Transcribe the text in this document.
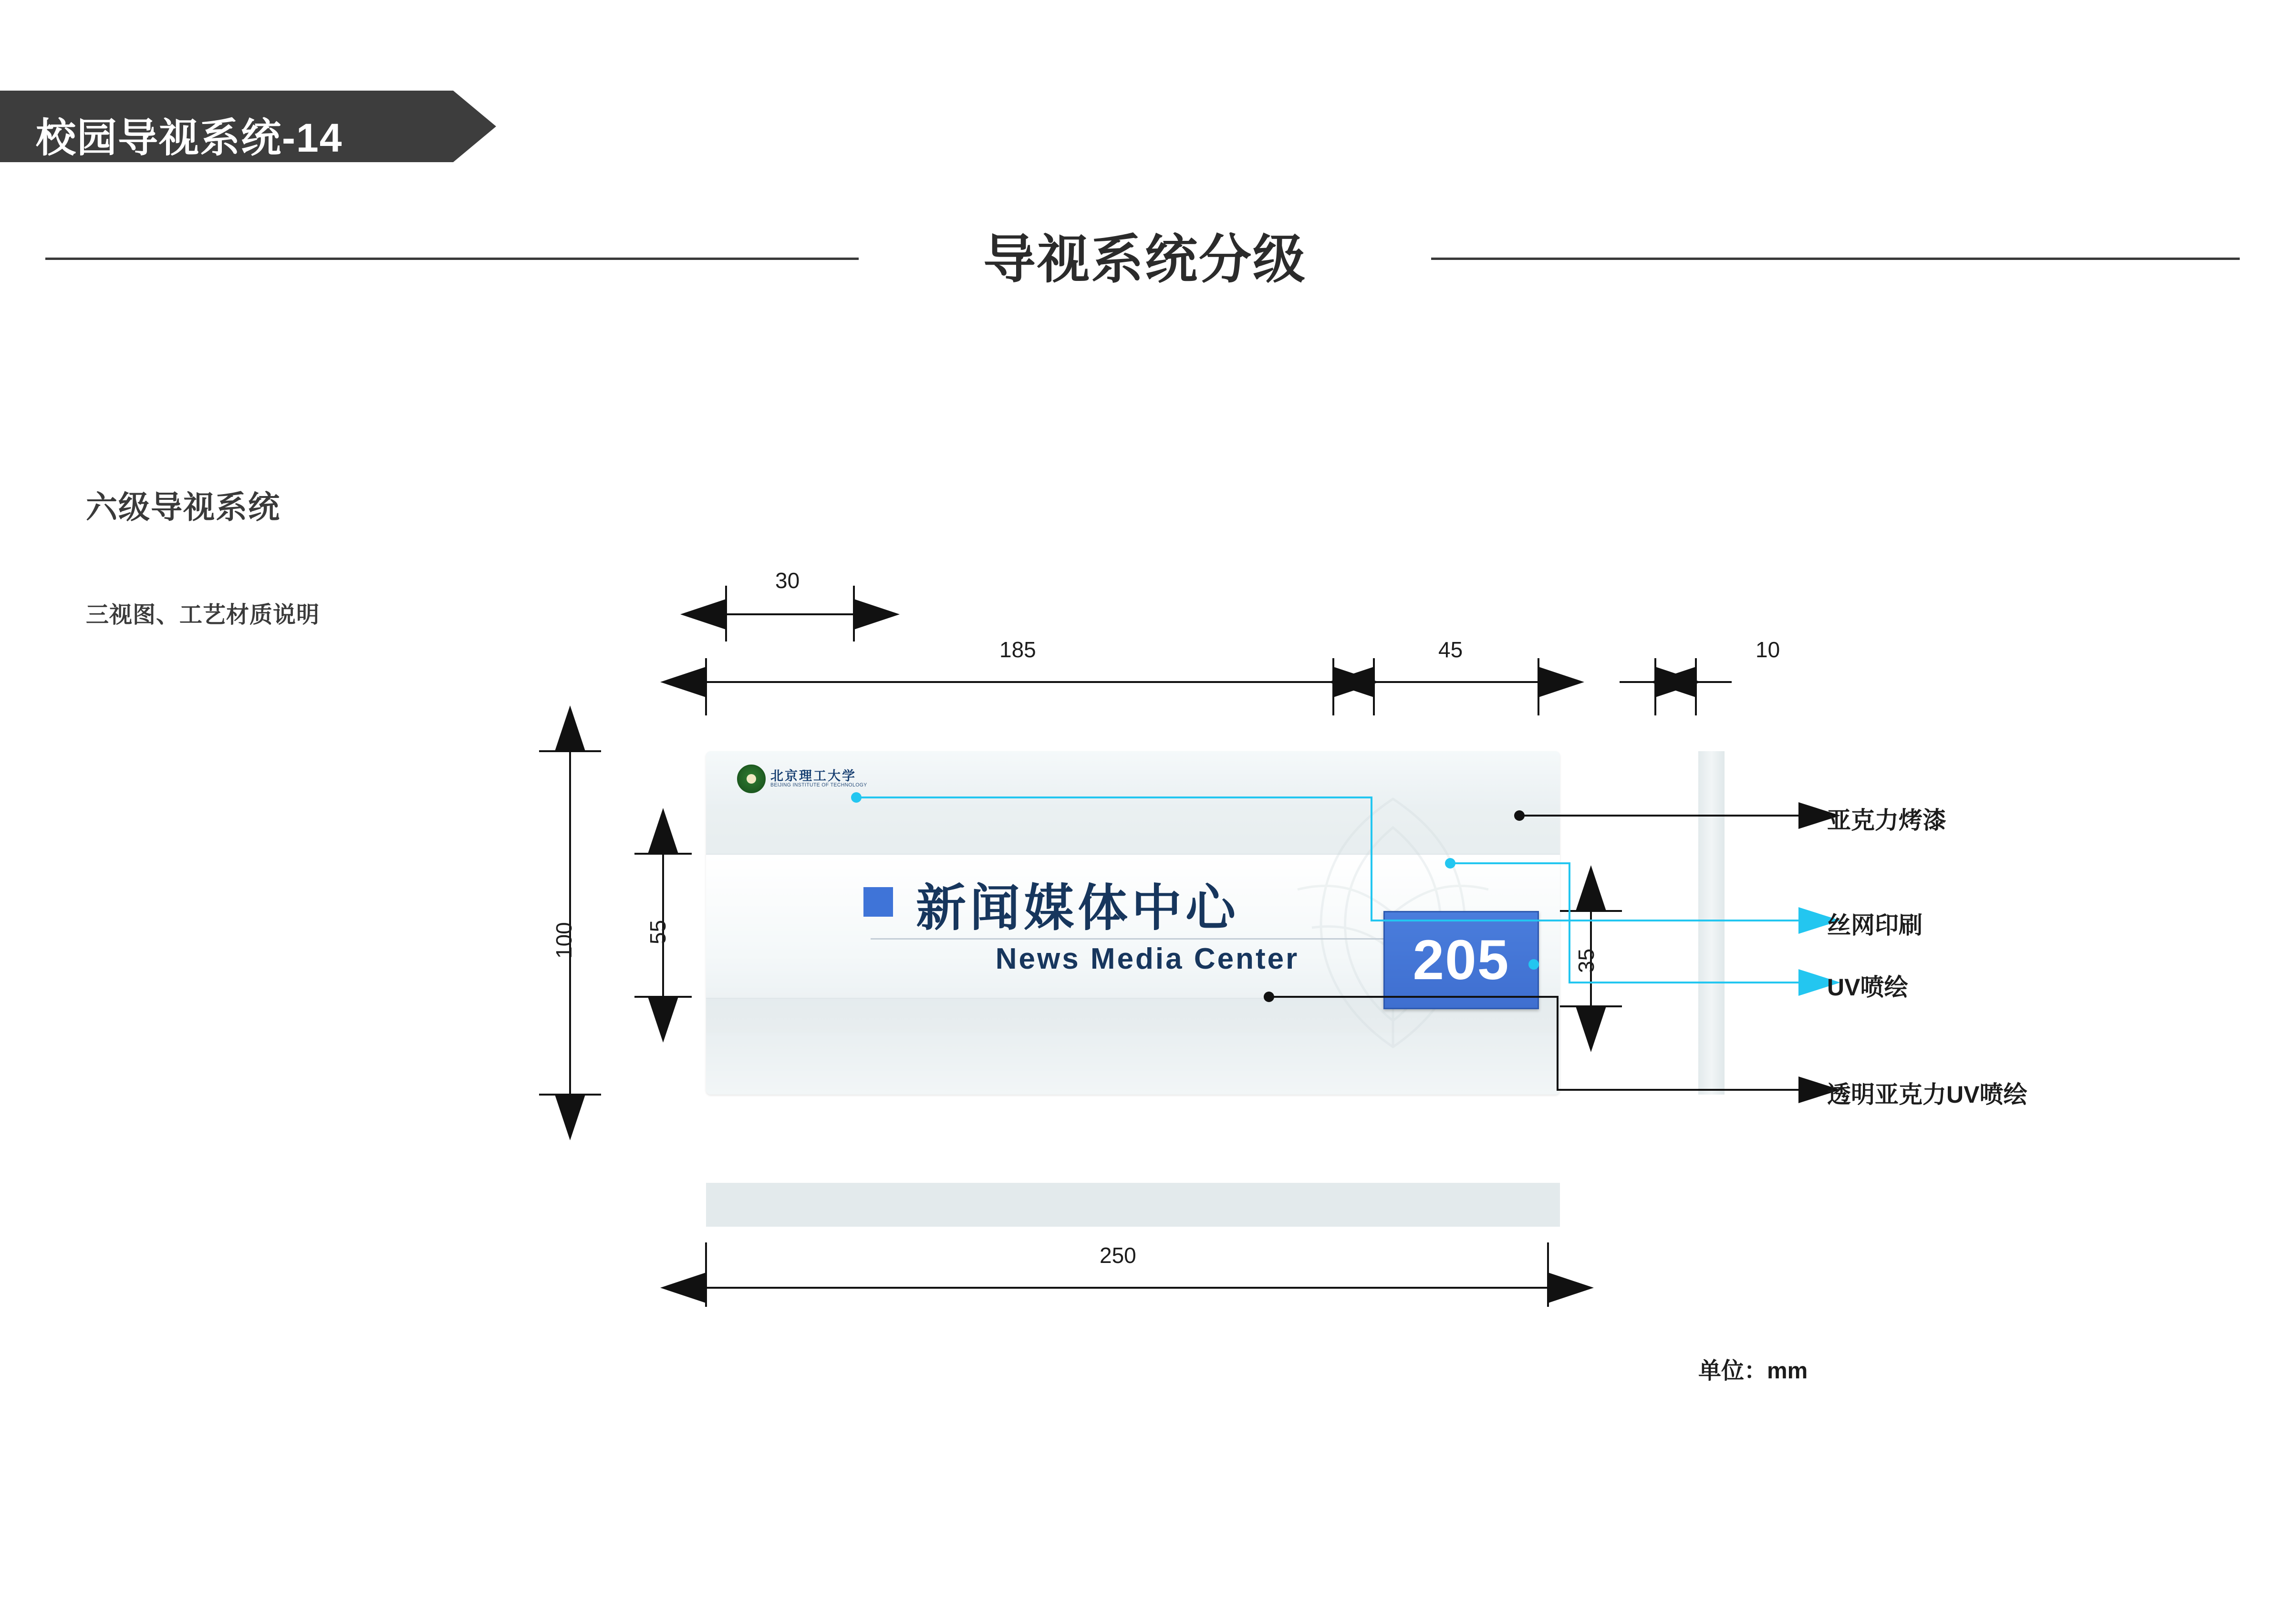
校园导视系统-14
导视系统分级
六级导视系统
三视图、工艺材质说明
北京理工大学
BEIJING INSTITUTE OF TECHNOLOGY
新闻媒体中心
News Media Center	205
30
185	45	10
100	55
35
250
亚克力烤漆
丝网印刷
UV喷绘
透明亚克力UV喷绘
单位：mm
